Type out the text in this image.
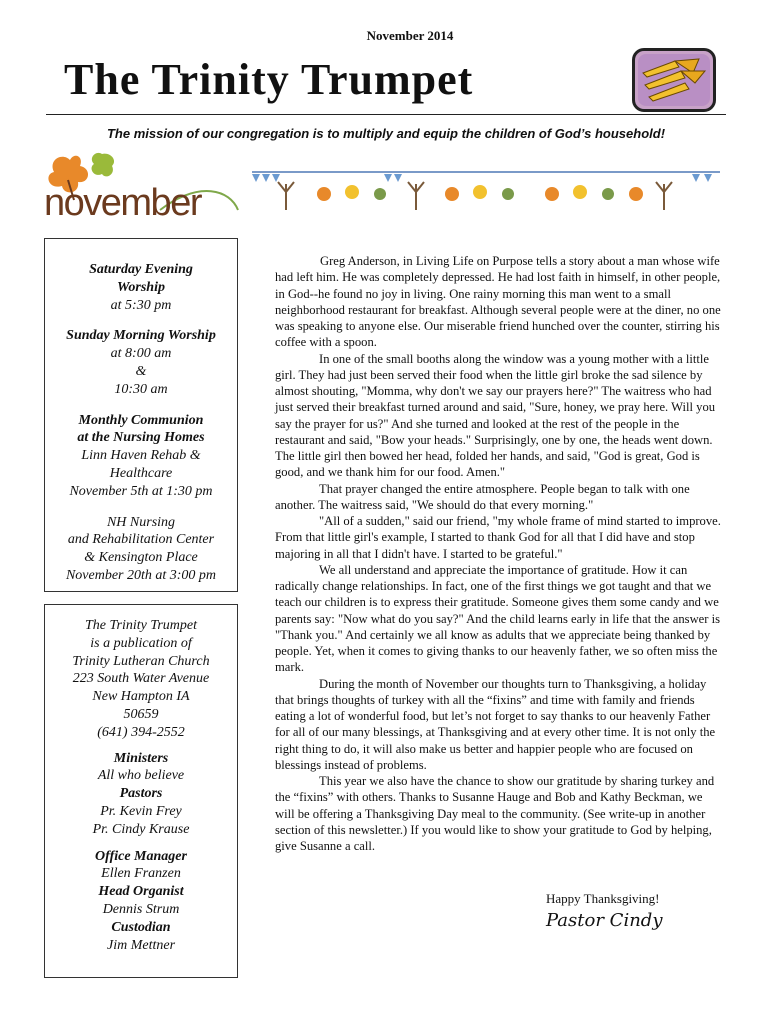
November 2014
The Trinity Trumpet
The mission of our congregation is to multiply and equip the children of God’s household!
november
Saturday Evening
Worship
at 5:30 pm
Sunday Morning Worship
at 8:00 am
&
10:30 am
Monthly Communion
at the Nursing Homes
Linn Haven Rehab &
Healthcare
November 5th at 1:30 pm
NH Nursing
and Rehabilitation Center
& Kensington Place
November 20th at 3:00 pm
The Trinity Trumpet
is a publication of
Trinity Lutheran Church
223 South Water Avenue
New Hampton IA
50659
(641) 394-2552
Ministers
All who believe
Pastors
Pr. Kevin Frey
Pr. Cindy Krause
Office Manager
Ellen Franzen
Head Organist
Dennis Strum
Custodian
Jim Mettner

Greg Anderson, in Living Life on Purpose tells a story about a man whose wife had left him. He was completely depressed. He had lost faith in himself, in other people, in God--he found no joy in living. One rainy morning this man went to a small neighborhood restaurant for breakfast. Although several people were at the diner, no one was speaking to anyone else. Our miserable friend hunched over the counter, stirring his coffee with a spoon.

In one of the small booths along the window was a young mother with a little girl. They had just been served their food when the little girl broke the sad silence by almost shouting, "Momma, why don't we say our prayers here?" The waitress who had just served their breakfast turned around and said, "Sure, honey, we pray here. Will you say the prayer for us?" And she turned and looked at the rest of the people in the restaurant and said, "Bow your heads." Surprisingly, one by one, the heads went down. The little girl then bowed her head, folded her hands, and said, "God is great, God is good, and we thank him for our food. Amen."

That prayer changed the entire atmosphere. People began to talk with one another. The waitress said, "We should do that every morning."

"All of a sudden," said our friend, "my whole frame of mind started to improve. From that little girl's example, I started to thank God for all that I did have and stop majoring in all that I didn't have. I started to be grateful."

We all understand and appreciate the importance of gratitude. How it can radically change relationships. In fact, one of the first things we got taught and that we teach our children is to express their gratitude. Someone gives them some candy and we parents say: "Now what do you say?" And the child learns early in life that the answer is "Thank you." And certainly we all know as adults that we appreciate being thanked by people. Yet, when it comes to giving thanks to our heavenly father, we so often miss the mark.

During the month of November our thoughts turn to Thanksgiving, a holiday that brings thoughts of turkey with all the “fixins” and time with family and friends eating a lot of wonderful food, but let’s not forget to say thanks to our heavenly Father for all of our many blessings, at Thanksgiving and at every other time. It is not only the right thing to do, it will also make us better and happier people who are focused on blessings instead of problems.

This year we also have the chance to show our gratitude by sharing turkey and the “fixins” with others. Thanks to Susanne Hauge and Bob and Kathy Beckman, we will be offering a Thanksgiving Day meal to the community. (See write-up in another section of this newsletter.) If you would like to show your gratitude to God by helping, give Susanne a call.

Happy Thanksgiving!
Pastor Cindy
